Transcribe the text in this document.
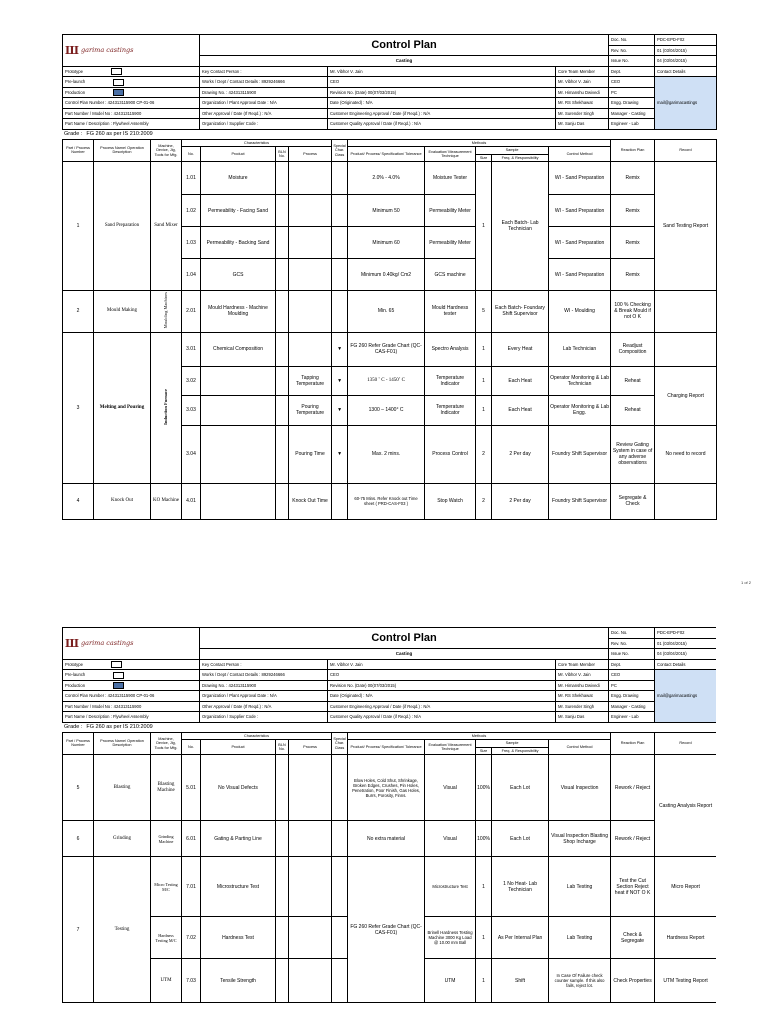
Ш garima castings	Control Plan			Doc. No.	PDC-EPD-F02
				Rev. No.	01 (03/04/2015)
	Casting			Issue No.	04 (03/04/2015)
Prototype	Key Contact Person :	Mr. Vibhor V. Jain	Core Team Member	Dept.	Contact Details
Pre-launch	Works / Dept / Contact Details : 8929246666	CEO	Mr. Vibhor V. Jain	CEO	mail@garimacastings
Production	Drawing No. : 424313115900	Revision No. (Date) 00(07/03/2015)	Mr. Himanshu Dwivedi	PC	
Control Plan Number : 424313115900 CP-01-06	Organization / Plant Approval Date : N/A	Date (Originated) : N/A	Mr. RS Shekhawat	Engg. Drawing	
Part Number / Model No : 424313115900	Other Approval / Date (If Reqd.) : N/A	Customer Engineering Approval / Date (if Reqd.) : N/A	Mr. Surender Singh	Manager - Casting	
Part Name / Description : Flywheel Assembly	Organization / Supplier Code :	Customer Quality Approval / Date (if Reqd.) : N/A	Mr. Sanju Das	Engineer - Lab	
Grade : FG 260 as per IS 210:2009
Part / Process Number	Process Name/ Operation Description	Machine, Device, Jig, Tools for Mfg.	Characteristics				Special Char. Class	Methods					Reaction Plan	Record
			No.	Product	BLN No.	Process		Product/ Process/ Specification/ Tolerance	Evaluation/ Measurement Technique	Sample		Control Method		
										Size	Freq. & Responsibility			
1	Sand Preparation	Sand Mixer	1.01	Moisture				2.0% - 4.0%	Moisture Tester	1	Each Batch- Lab Technician	WI - Sand Preparation	Remix	Sand Testing Report
			1.02	Permeability - Facing Sand				Minimum 50	Permeability Meter			WI - Sand Preparation	Remix	
			1.03	Permeability - Backing Sand				Minimum 60	Permeability Meter			WI - Sand Preparation	Remix	
			1.04	GCS				Minimum 0.40kg/ Cm2	GCS machine			WI - Sand Preparation	Remix	
2	Mould Making	Moulding Machines	2.01	Mould Hardness - Machine Moulding				Min. 65	Mould Hardness tester	5	Each Batch- Foundary Shift Supervisor	WI - Moulding	100 % Checking & Break Mould if not O K	
3	Melting and Pouring	Induction Furnace	3.01	Chemical Composition			▼	FG 260 Refer Grade Chart (QC-CAS-F01)	Spectro Analysis	1	Every Heat	Lab Technician	Readjust Composition	
			3.02			Tapping Temperature	▼	1350 ˚ C - 1450˚ C	Temperature Indicator	1	Each Heat	Operator Monitoring & Lab Technician	Reheat	Charging Report
			3.03			Pouring Temperature	▼	1300 – 1400° C	Temperature Indicator	1	Each Heat	Operator Monitoring & Lab Engg.	Reheat	
			3.04			Pouring Time	▼	Max. 2 mins.	Process Control	2	2 Per day	Foundry Shift Supervisor	Review Gating System in case of any adverse observations	No need to record
4	Knock Out	KO Machine	4.01			Knock Out Time		60-75 Mins. Refer Knock out Time sheet ( PRD-CAS-F03 )	Stop Watch	2	2 Per day	Foundry Shift Supervisor	Segregate & Check	
1 of 2
Ш garima castings	Control Plan			Doc. No.	PDC-EPD-F02
				Rev. No.	01 (03/04/2015)
	Casting			Issue No.	04 (03/04/2015)
Prototype	Key Contact Person :	Mr. Vibhor V. Jain	Core Team Member	Dept.	Contact Details
Pre-launch	Works / Dept / Contact Details : 8929246666	CEO	Mr. Vibhor V. Jain	CEO	mail@garimacastings
Production	Drawing No. : 424313115900	Revision No. (Date) 00(07/03/2015)	Mr. Himanshu Dwivedi	PC	
Control Plan Number : 424313115900 CP-01-06	Organization / Plant Approval Date : N/A	Date (Originated) : N/A	Mr. RS Shekhawat	Engg. Drawing	
Part Number / Model No : 424313115900	Other Approval / Date (If Reqd.) : N/A	Customer Engineering Approval / Date (if Reqd.) : N/A	Mr. Surender Singh	Manager - Casting	
Part Name / Description : Flywheel Assembly	Organization / Supplier Code :	Customer Quality Approval / Date (if Reqd.) : N/A	Mr. Sanju Das	Engineer - Lab	
Grade : FG 260 as per IS 210:2009
Part / Process Number	Process Name/ Operation Description	Machine, Device, Jig, Tools for Mfg.	Characteristics				Special Char. Class	Methods					Reaction Plan	Record
			No.	Product	BLN No.	Process		Product/ Process/ Specification/ Tolerance	Evaluation/ Measurement Technique	Sample		Control Method		
										Size	Freq. & Responsibility			
5	Blasting	Blasting Machine	5.01	No Visual Defects				Blow Holes, Cold Shut, Shrinkage, Broken Edges, Crushes, Pin Holes, Penetration, Poor Finish, Gas Holes, Burrs, Porosity, Finns.	Visual	100%	Each Lot	Visual Inspection	Rework / Reject	Casting Analysis Report
6	Grinding	Grinding Machine	6.01	Gating & Parting Line				No extra material	Visual	100%	Each Lot	Visual Inspection Blasting Shop Incharge	Rework / Reject	
7	Testing	Micro Testing M/C	7.01	Microstructure Test				FG 260 Refer Grade Chart (QC-CAS-F01)	Microstructure Test	1	1 No Heat- Lab Technician	Lab Testing	Test the Cut Section Reject heat if NOT O K	Micro Report
		Hardness Testing M/C	7.02	Hardness Test					Brinell Hardness Testing Machine 3000 Kg Load @ 10.00 mm Ball	1	As Per Internal Plan	Lab Testing	Check & Segregate	Hardness Report
		UTM	7.03	Tensile Strength					UTM	1	Shift	In Case Of Failure check counter sample. If this also fails, reject lot.	Check Properties	UTM Testing Report
